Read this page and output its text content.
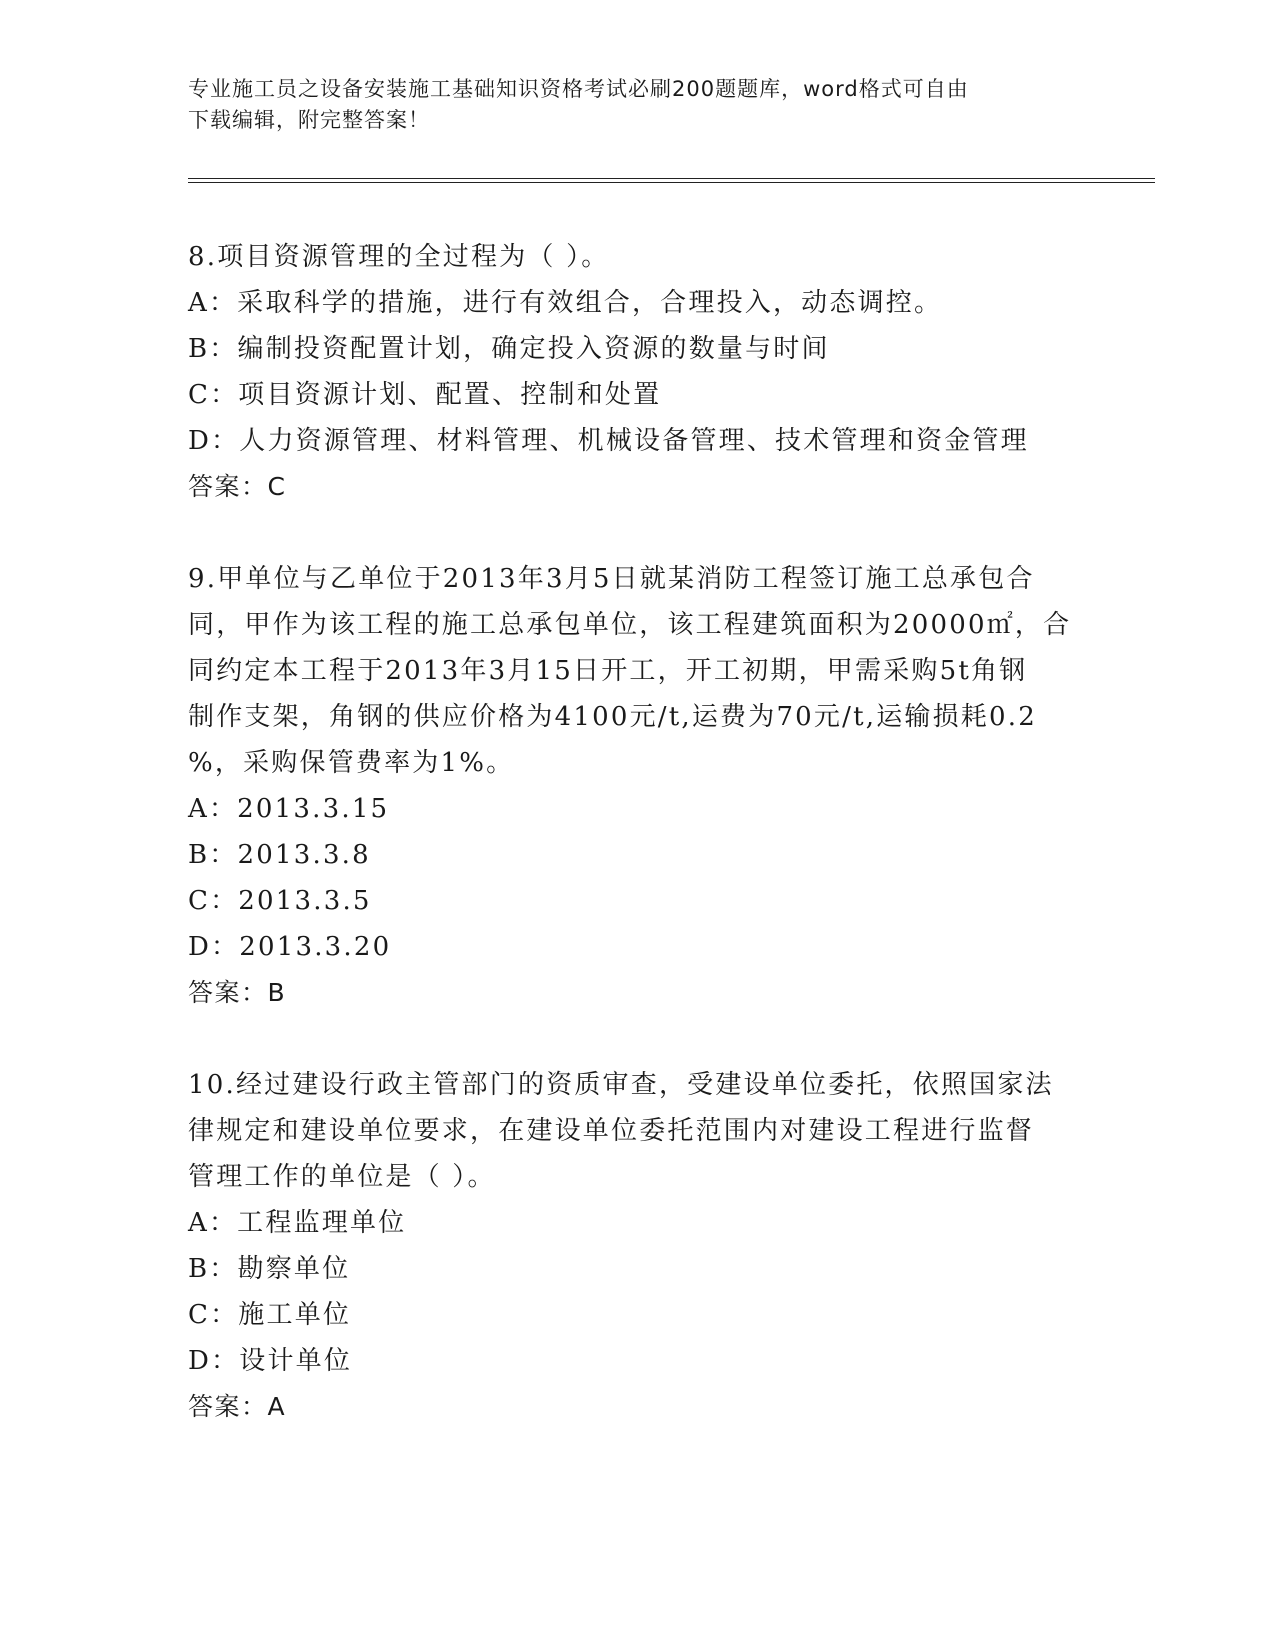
专业施工员之设备安装施工基础知识资格考试必刷200题题库，word格式可自由
下载编辑，附完整答案！
8.项目资源管理的全过程为（ ）。
A：采取科学的措施，进行有效组合，合理投入，动态调控。
B：编制投资配置计划，确定投入资源的数量与时间
C：项目资源计划、配置、控制和处置
D：人力资源管理、材料管理、机械设备管理、技术管理和资金管理
答案：C
9.甲单位与乙单位于2013年3月5日就某消防工程签订施工总承包合
同，甲作为该工程的施工总承包单位，该工程建筑面积为20000㎡，合
同约定本工程于2013年3月15日开工，开工初期，甲需采购5t角钢
制作支架，角钢的供应价格为4100元/t,运费为70元/t,运输损耗0.2
%，采购保管费率为1%。
A：2013.3.15
B：2013.3.8
C：2013.3.5
D：2013.3.20
答案：B
10.经过建设行政主管部门的资质审查，受建设单位委托，依照国家法
律规定和建设单位要求，在建设单位委托范围内对建设工程进行监督
管理工作的单位是（ ）。
A：工程监理单位
B：勘察单位
C：施工单位
D：设计单位
答案：A
